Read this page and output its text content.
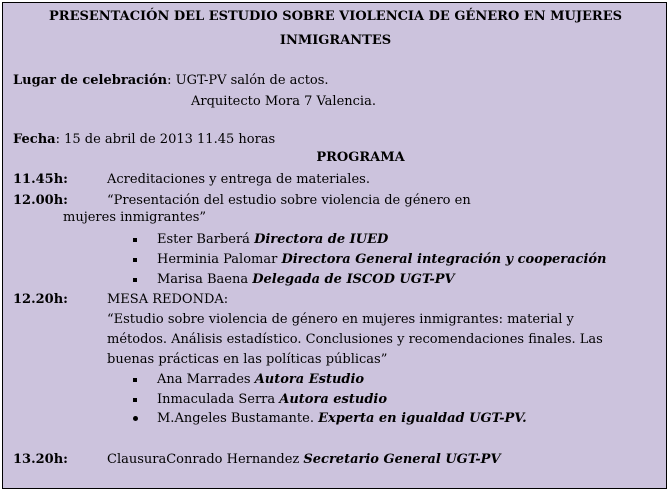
PRESENTACIÓN DEL ESTUDIO SOBRE VIOLENCIA DE GÉNERO EN MUJERES
INMIGRANTES
Lugar de celebración: UGT-PV salón de actos.
Arquitecto Mora 7 Valencia.
Fecha: 15 de abril de 2013 11.45 horas
PROGRAMA
11.45h:	Acreditaciones y entrega de materiales.
12.00h:	“Presentación del estudio sobre violencia de género en
mujeres inmigrantes”
Ester Barberá Directora de IUED
Herminia Palomar Directora General integración y cooperación
Marisa Baena Delegada de ISCOD UGT-PV
12.20h:	MESA REDONDA:
“Estudio sobre violencia de género en mujeres inmigrantes: material y
métodos. Análisis estadístico. Conclusiones y recomendaciones finales. Las
buenas prácticas en las políticas públicas”
Ana Marrades Autora Estudio
Inmaculada Serra Autora estudio
M.Angeles Bustamante. Experta en igualdad UGT-PV.
13.20h:	ClausuraConrado Hernandez Secretario General UGT-PV
